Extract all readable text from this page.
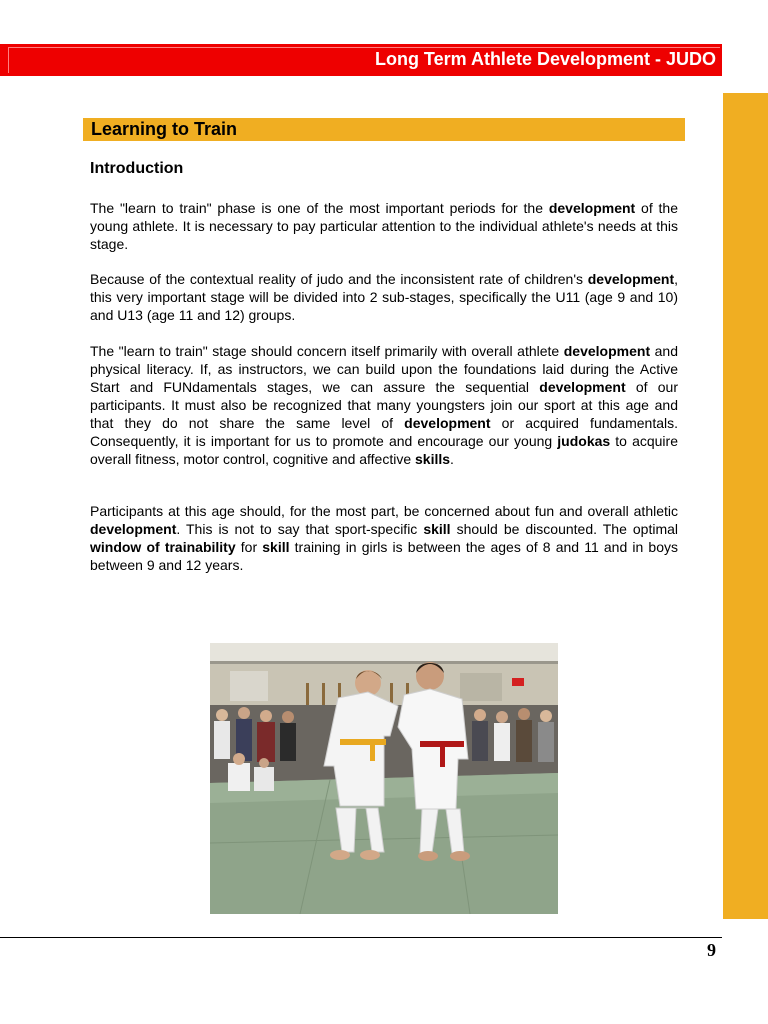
Long Term Athlete Development - JUDO
Learning to Train
Introduction
The "learn to train" phase is one of the most important periods for the development of the young athlete. It is necessary to pay particular attention to the individual athlete's needs at this stage.
Because of the contextual reality of judo and the inconsistent rate of children's development, this very important stage will be divided into 2 sub-stages, specifically the U11 (age 9 and 10) and U13 (age 11 and 12) groups.
The "learn to train" stage should concern itself primarily with overall athlete development and physical literacy. If, as instructors, we can build upon the foundations laid during the Active Start and FUNdamentals stages, we can assure the sequential development of our participants. It must also be recognized that many youngsters join our sport at this age and that they do not share the same level of development or acquired fundamentals. Consequently, it is important for us to promote and encourage our young judokas to acquire overall fitness, motor control, cognitive and affective skills.
Participants at this age should, for the most part, be concerned about fun and overall athletic development. This is not to say that sport-specific skill should be discounted. The optimal window of trainability for skill training in girls is between the ages of 8 and 11 and in boys between 9 and 12 years.
9
